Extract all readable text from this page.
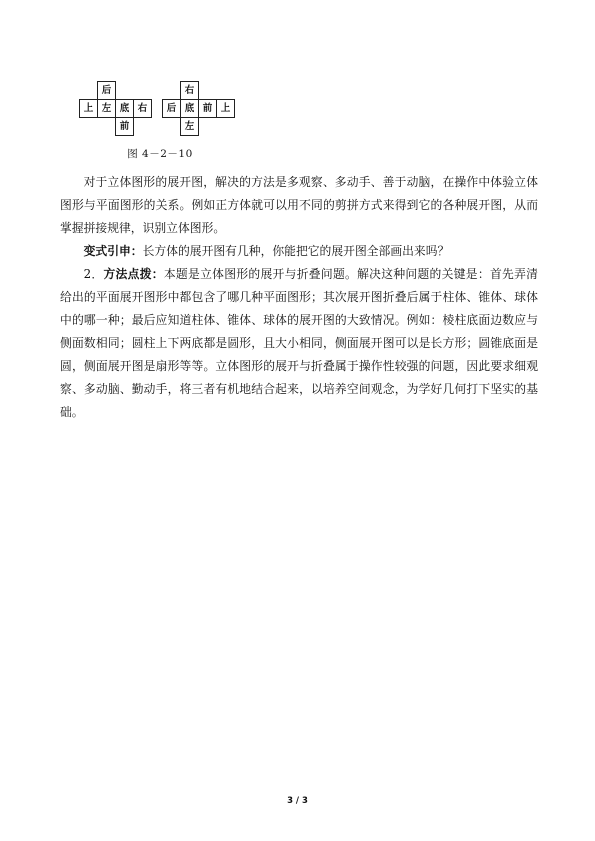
后
上 左 底 右
前
右
后 底 前 上
左
图 4－2－10

对于立体图形的展开图，解决的方法是多观察、多动手、善于动脑，在操作中体验立体图形与平面图形的关系。例如正方体就可以用不同的剪拼方式来得到它的各种展开图，从而掌握拼接规律，识别立体图形。

变式引申：长方体的展开图有几种，你能把它的展开图全部画出来吗？

2．方法点拨：本题是立体图形的展开与折叠问题。解决这种问题的关键是：首先弄清给出的平面展开图形中都包含了哪几种平面图形；其次展开图折叠后属于柱体、锥体、球体中的哪一种；最后应知道柱体、锥体、球体的展开图的大致情况。例如：棱柱底面边数应与侧面数相同；圆柱上下两底都是圆形，且大小相同，侧面展开图可以是长方形；圆锥底面是圆，侧面展开图是扇形等等。立体图形的展开与折叠属于操作性较强的问题，因此要求细观察、多动脑、勤动手，将三者有机地结合起来，以培养空间观念，为学好几何打下坚实的基础。

3 / 3
